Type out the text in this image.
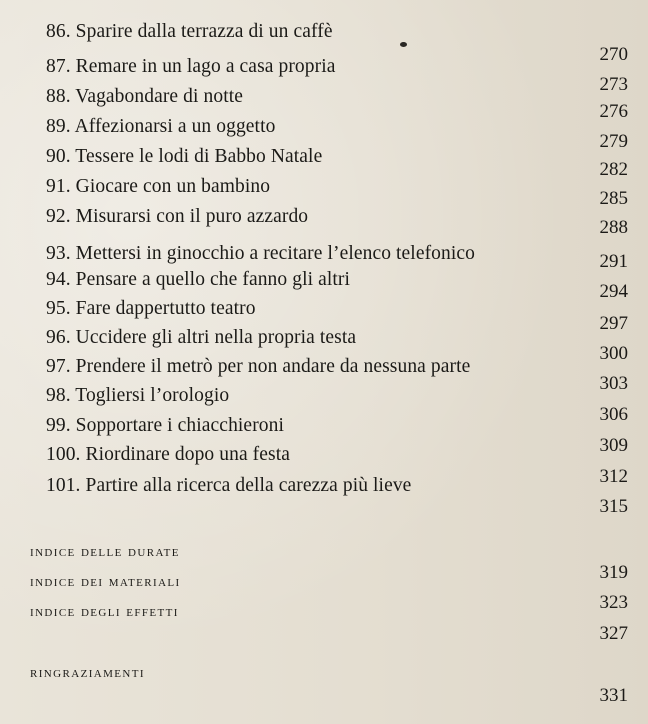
86. Sparire dalla terrazza di un caffè
270
87. Remare in un lago a casa propria
273
88. Vagabondare di notte
276
89. Affezionarsi a un oggetto
279
90. Tessere le lodi di Babbo Natale
282
91. Giocare con un bambino
285
92. Misurarsi con il puro azzardo
288
93. Mettersi in ginocchio a recitare l’elenco telefonico	291
94. Pensare a quello che fanno gli altri
294
95. Fare dappertutto teatro
297
96. Uccidere gli altri nella propria testa
300
97. Prendere il metrò per non andare da nessuna parte
303
98. Togliersi l’orologio
306
99. Sopportare i chiacchieroni
309
100. Riordinare dopo una festa
312
101. Partire alla ricerca della carezza più lieve
315
indice delle durate
319
indice dei materiali
323
indice degli effetti
327
ringraziamenti
331
